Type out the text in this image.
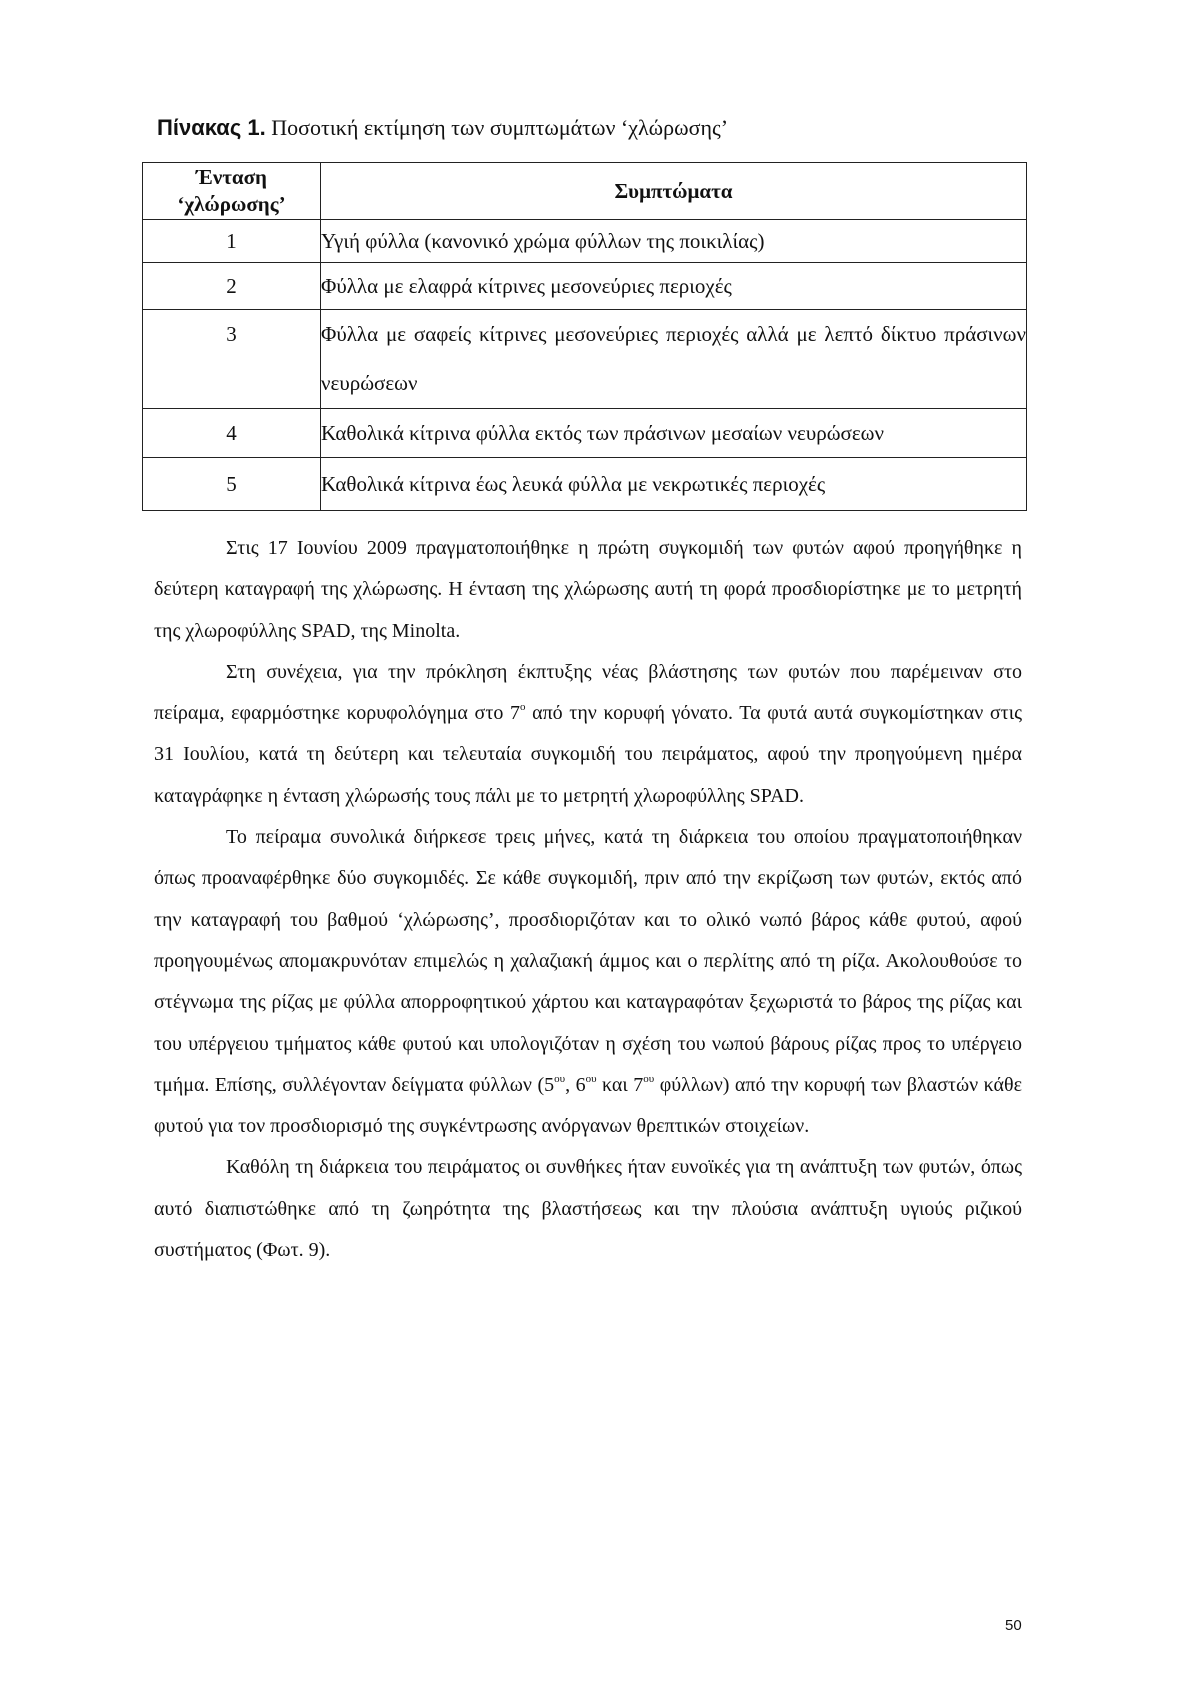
Πίνακας 1. Ποσοτική εκτίμηση των συμπτωμάτων ‘χλώρωσης’
Ένταση
‘χλώρωσης’	Συμπτώματα
1	Υγιή φύλλα (κανονικό χρώμα φύλλων της ποικιλίας)
2	Φύλλα με ελαφρά κίτρινες μεσονεύριες περιοχές
3	Φύλλα με σαφείς κίτρινες μεσονεύριες περιοχές αλλά με λεπτό δίκτυο πράσινων νευρώσεων
4	Καθολικά κίτρινα φύλλα εκτός των πράσινων μεσαίων νευρώσεων
5	Καθολικά κίτρινα έως λευκά φύλλα με νεκρωτικές περιοχές

Στις 17 Ιουνίου 2009 πραγματοποιήθηκε η πρώτη συγκομιδή των φυτών αφού προηγήθηκε η δεύτερη καταγραφή της χλώρωσης. Η ένταση της χλώρωσης αυτή τη φορά προσδιορίστηκε με το μετρητή της χλωροφύλλης SPAD, της Minolta.

Στη συνέχεια, για την πρόκληση έκπτυξης νέας βλάστησης των φυτών που παρέμειναν στο πείραμα, εφαρμόστηκε κορυφολόγημα στο $7^o$ από την κορυφή γόνατο. Τα φυτά αυτά συγκομίστηκαν στις 31 Ιουλίου, κατά τη δεύτερη και τελευταία συγκομιδή του πειράματος, αφού την προηγούμενη ημέρα καταγράφηκε η ένταση χλώρωσής τους πάλι με το μετρητή χλωροφύλλης SPAD.

Το πείραμα συνολικά διήρκεσε τρεις μήνες, κατά τη διάρκεια του οποίου πραγματοποιήθηκαν όπως προαναφέρθηκε δύο συγκομιδές. Σε κάθε συγκομιδή, πριν από την εκρίζωση των φυτών, εκτός από την καταγραφή του βαθμού ‘χλώρωσης’, προσδιοριζόταν και το ολικό νωπό βάρος κάθε φυτού, αφού προηγουμένως απομακρυνόταν επιμελώς η χαλαζιακή άμμος και ο περλίτης από τη ρίζα. Ακολουθούσε το στέγνωμα της ρίζας με φύλλα απορροφητικού χάρτου και καταγραφόταν ξεχωριστά το βάρος της ρίζας και του υπέργειου τμήματος κάθε φυτού και υπολογιζόταν η σχέση του νωπού βάρους ρίζας προς το υπέργειο τμήμα. Επίσης, συλλέγονταν δείγματα φύλλων ($5^{o\upsilon}$, $6^{o\upsilon}$ και $7^{o\upsilon}$ φύλλων) από την κορυφή των βλαστών κάθε φυτού για τον προσδιορισμό της συγκέντρωσης ανόργανων θρεπτικών στοιχείων.

Καθόλη τη διάρκεια του πειράματος οι συνθήκες ήταν ευνοϊκές για τη ανάπτυξη των φυτών, όπως αυτό διαπιστώθηκε από τη ζωηρότητα της βλαστήσεως και την πλούσια ανάπτυξη υγιούς ριζικού συστήματος (Φωτ. 9).

50
